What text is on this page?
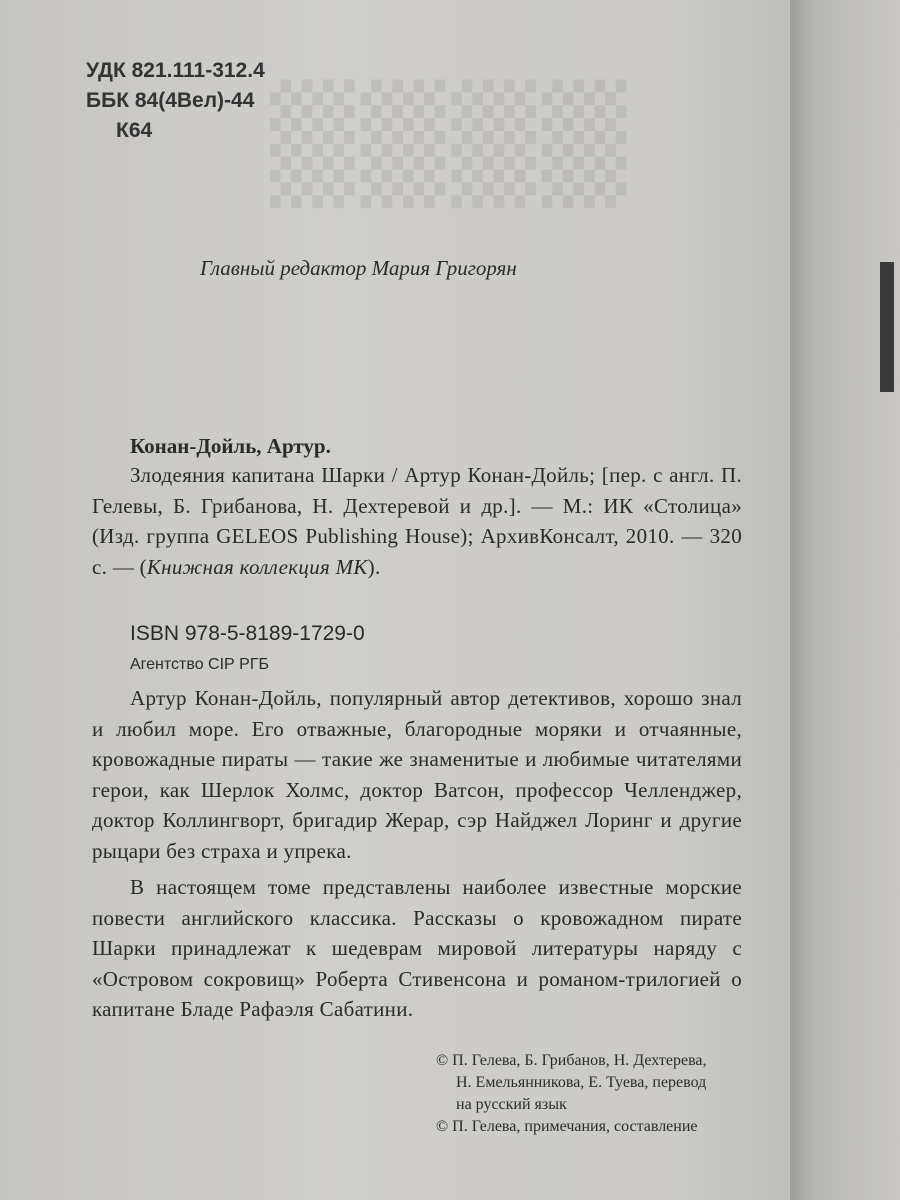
▒▒▒▒
УДК 821.111-312.4
ББК 84(4Вел)-44
К64
Главный редактор Мария Григорян
Конан-Дойль, Артур.
Злодеяния капитана Шарки / Артур Конан-Дойль; [пер. с англ. П. Гелевы, Б. Грибанова, Н. Дехтеревой и др.]. — М.: ИК «Столица» (Изд. группа GELEOS Publishing House); АрхивКонсалт, 2010. — 320 с. — (Книжная коллекция МК).
ISBN 978-5-8189-1729-0
Агентство СIР РГБ
Артур Конан-Дойль, популярный автор детективов, хорошо знал и любил море. Его отважные, благородные моряки и отчаянные, кровожадные пираты — такие же знаменитые и любимые читателями герои, как Шерлок Холмс, доктор Ватсон, профессор Челленджер, доктор Коллингворт, бригадир Жерар, сэр Найджел Лоринг и другие рыцари без страха и упрека.
В настоящем томе представлены наиболее известные морские повести английского классика. Рассказы о кровожадном пирате Шарки принадлежат к шедеврам мировой литературы наряду с «Островом сокровищ» Роберта Стивенсона и романом-трилогией о капитане Бладе Рафаэля Сабатини.
© П. Гелева, Б. Грибанов, Н. Дехтерева,
Н. Емельянникова, Е. Туева, перевод
на русский язык
© П. Гелева, примечания, составление
